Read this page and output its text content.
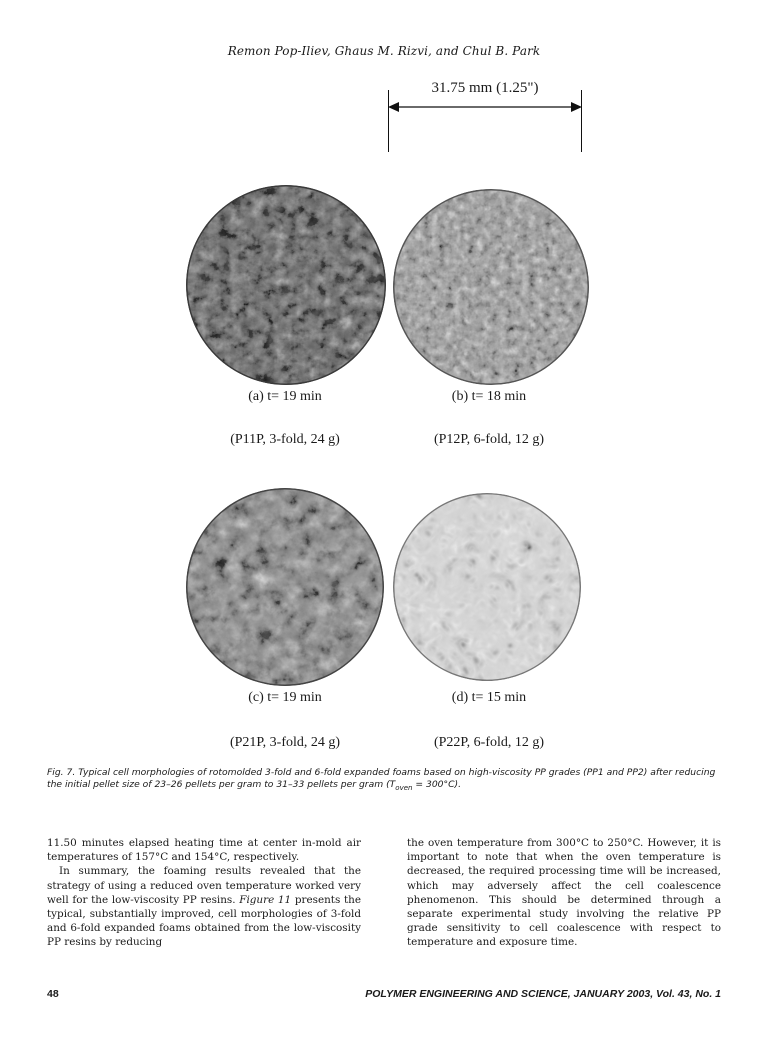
Remon Pop-Iliev, Ghaus M. Rizvi, and Chul B. Park
31.75 mm (1.25")
(a) t= 19 min	(b) t= 18 min
(P11P, 3-fold, 24 g)	(P12P, 6-fold, 12 g)
(c) t= 19 min	(d) t= 15 min
(P21P, 3-fold, 24 g)	(P22P, 6-fold, 12 g)
Fig. 7. Typical cell morphologies of rotomolded 3-fold and 6-fold expanded foams based on high-viscosity PP grades (PP1 and PP2) after reducing the initial pellet size of 23–26 pellets per gram to 31–33 pellets per gram $(T_{oven} = 300^\circ C)$.

11.50 minutes elapsed heating time at center in-mold air temperatures of 157°C and 154°C, respectively.

In summary, the foaming results revealed that the strategy of using a reduced oven temperature worked very well for the low-viscosity PP resins. Figure 11 presents the typical, substantially improved, cell morphologies of 3-fold and 6-fold expanded foams obtained from the low-viscosity PP resins by reducing

the oven temperature from 300°C to 250°C. However, it is important to note that when the oven temperature is decreased, the required processing time will be increased, which may adversely affect the cell coalescence phenomenon. This should be determined through a separate experimental study involving the relative PP grade sensitivity to cell coalescence with respect to temperature and exposure time.

48	POLYMER ENGINEERING AND SCIENCE, JANUARY 2003, Vol. 43, No. 1
